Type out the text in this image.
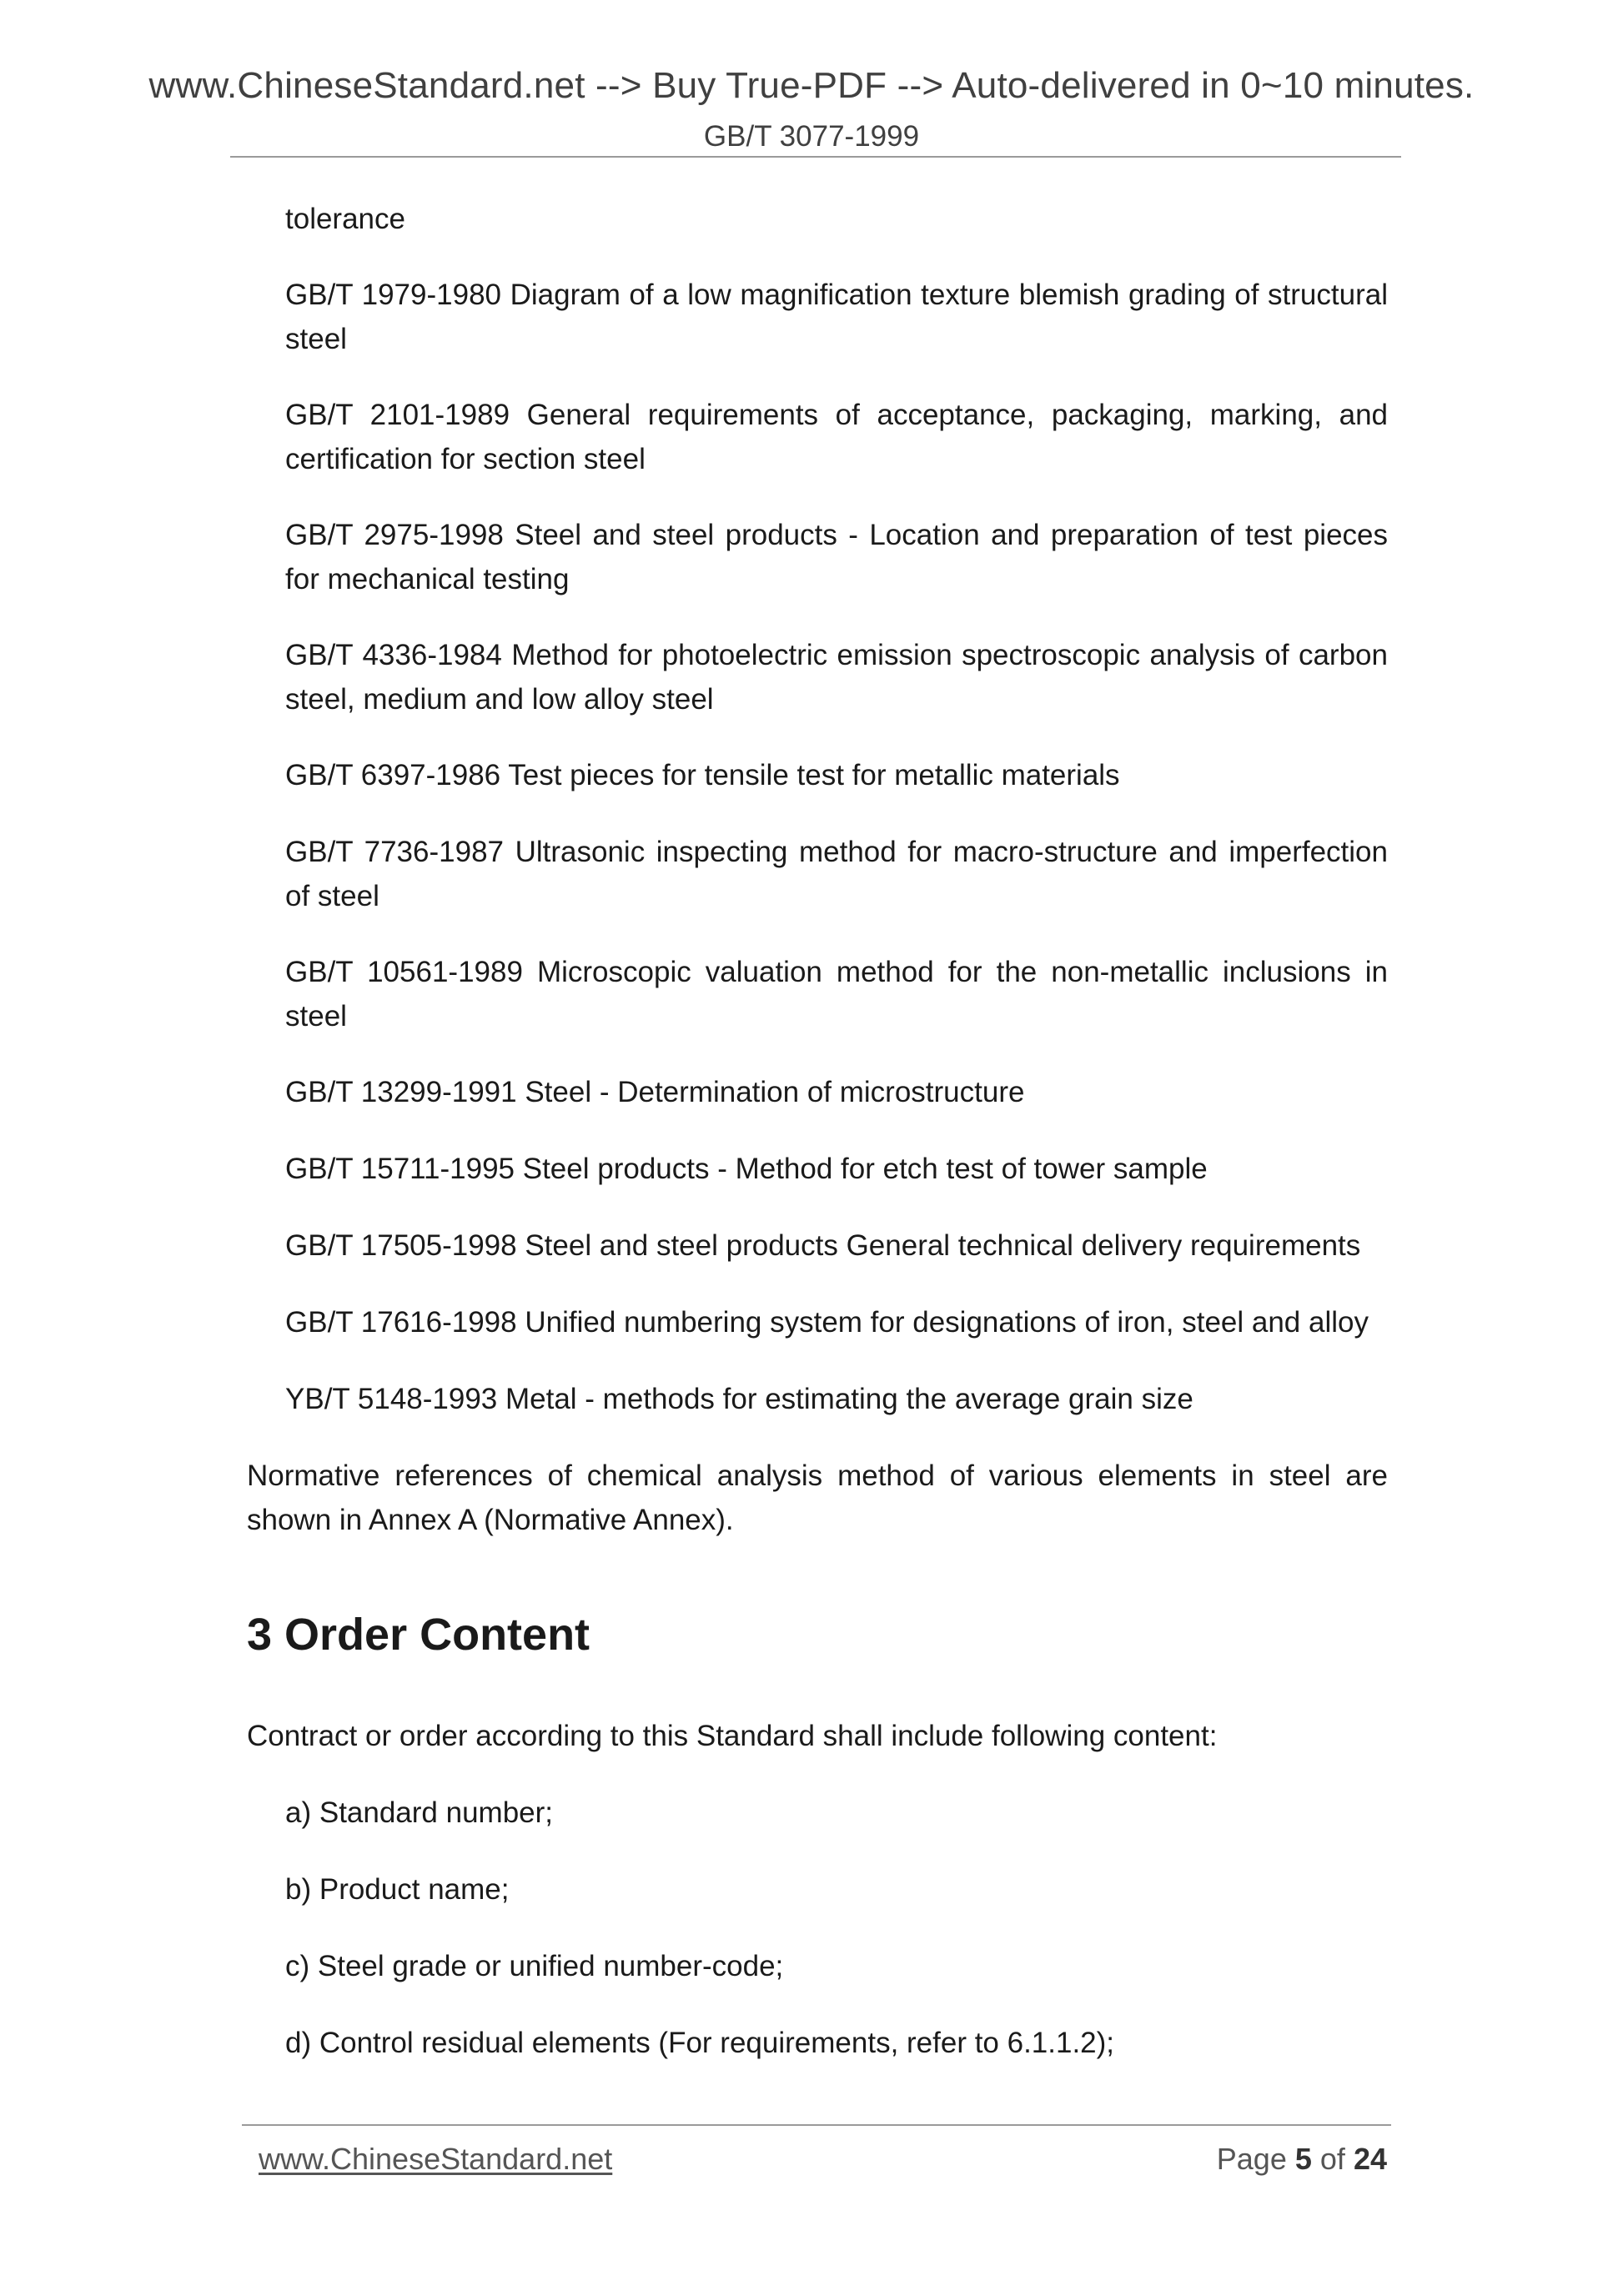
www.ChineseStandard.net --> Buy True-PDF --> Auto-delivered in 0~10 minutes.
GB/T 3077-1999
tolerance
GB/T 1979-1980 Diagram of a low magnification texture blemish grading of structural steel
GB/T 2101-1989 General requirements of acceptance, packaging, marking, and certification for section steel
GB/T 2975-1998 Steel and steel products - Location and preparation of test pieces for mechanical testing
GB/T 4336-1984 Method for photoelectric emission spectroscopic analysis of carbon steel, medium and low alloy steel
GB/T 6397-1986 Test pieces for tensile test for metallic materials
GB/T 7736-1987 Ultrasonic inspecting method for macro-structure and imperfection of steel
GB/T 10561-1989 Microscopic valuation method for the non-metallic inclusions in steel
GB/T 13299-1991 Steel - Determination of microstructure
GB/T 15711-1995 Steel products - Method for etch test of tower sample
GB/T 17505-1998 Steel and steel products General technical delivery requirements
GB/T 17616-1998 Unified numbering system for designations of iron, steel and alloy
YB/T 5148-1993 Metal - methods for estimating the average grain size
Normative references of chemical analysis method of various elements in steel are shown in Annex A (Normative Annex).
3 Order Content
Contract or order according to this Standard shall include following content:
a) Standard number;
b) Product name;
c) Steel grade or unified number-code;
d) Control residual elements (For requirements, refer to 6.1.1.2);
www.ChineseStandard.net	Page 5 of 24
